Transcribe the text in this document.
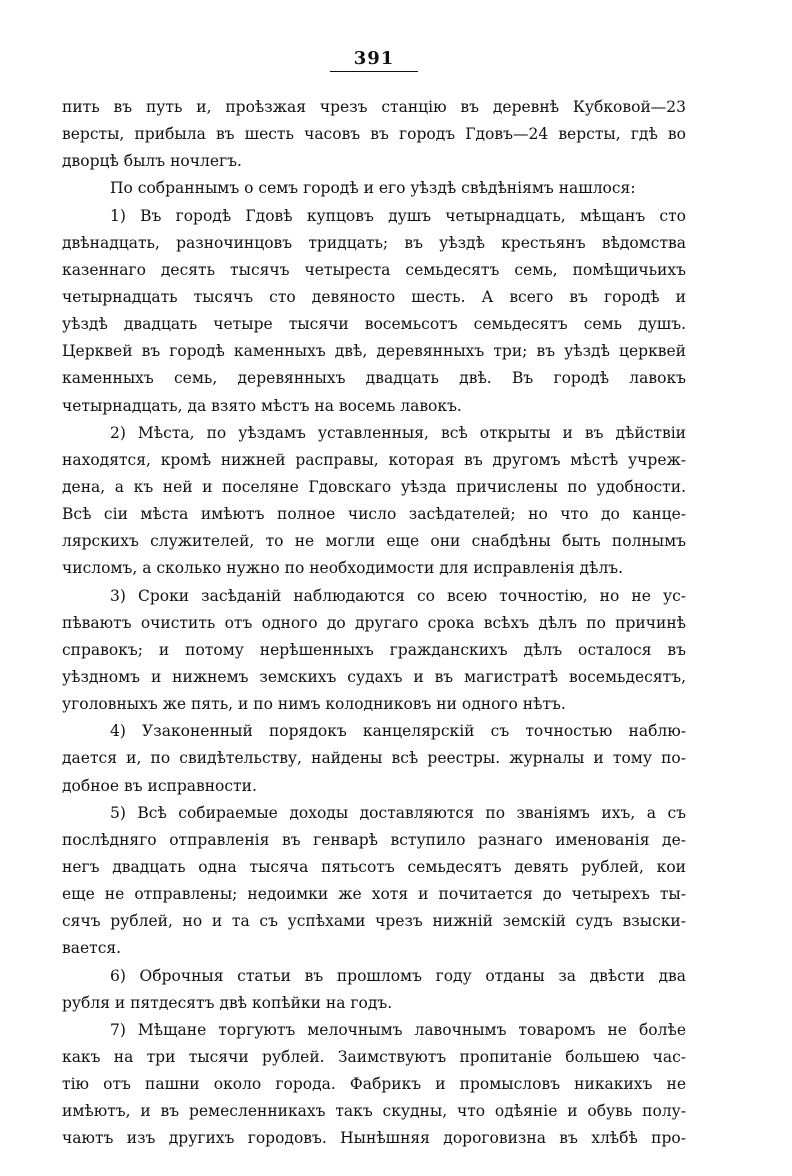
391
пить въ путь и, проѣзжая чрезъ станцію въ деревнѣ Кубковой—23
версты, прибыла въ шесть часовъ въ городъ Гдовъ—24 версты, гдѣ во
дворцѣ былъ ночлегъ.
По собраннымъ о семъ городѣ и его уѣздѣ свѣдѣніямъ нашлося:
1) Въ городѣ Гдовѣ купцовъ душъ четырнадцать, мѣщанъ сто
двѣнадцать, разночинцовъ тридцать; въ уѣздѣ крестьянъ вѣдомства
казеннаго десять тысячъ четыреста семьдесятъ семь, помѣщичьихъ
четырнадцать тысячъ сто девяносто шесть. А всего въ городѣ и
уѣздѣ двадцать четыре тысячи восемьсотъ семьдесятъ семь душъ.
Церквей въ городѣ каменныхъ двѣ, деревянныхъ три; въ уѣздѣ церквей
каменныхъ семь, деревянныхъ двадцать двѣ. Въ городѣ лавокъ
четырнадцать, да взято мѣстъ на восемь лавокъ.
2) Мѣста, по уѣздамъ уставленныя, всѣ открыты и въ дѣйствіи
находятся, кромѣ нижней расправы, которая въ другомъ мѣстѣ учреж-
дена, а къ ней и поселяне Гдовскаго уѣзда причислены по удобности.
Всѣ сіи мѣста имѣютъ полное число засѣдателей; но что до канце-
лярскихъ служителей, то не могли еще они снабдѣны быть полнымъ
числомъ, а сколько нужно по необходимости для исправленія дѣлъ.
3) Сроки засѣданій наблюдаются со всею точностію, но не ус-
пѣваютъ очистить отъ одного до другаго срока всѣхъ дѣлъ по причинѣ
справокъ; и потому нерѣшенныхъ гражданскихъ дѣлъ осталося въ
уѣздномъ и нижнемъ земскихъ судахъ и въ магистратѣ восемьдесятъ,
уголовныхъ же пять, и по нимъ колодниковъ ни одного нѣтъ.
4) Узаконенный порядокъ канцелярскій съ точностью наблю-
дается и, по свидѣтельству, найдены всѣ реестры. журналы и тому по-
добное въ исправности.
5) Всѣ собираемые доходы доставляются по званіямъ ихъ, а съ
послѣдняго отправленія въ генварѣ вступило разнаго именованія де-
негъ двадцать одна тысяча пятьсотъ семьдесятъ девять рублей, кои
еще не отправлены; недоимки же хотя и почитается до четырехъ ты-
сячъ рублей, но и та съ успѣхами чрезъ нижній земскій судъ взыски-
вается.
6) Оброчныя статьи въ прошломъ году отданы за двѣсти два
рубля и пятдесятъ двѣ копѣйки на годъ.
7) Мѣщане торгуютъ мелочнымъ лавочнымъ товаромъ не болѣе
какъ на три тысячи рублей. Заимствуютъ пропитаніе большею час-
тію отъ пашни около города. Фабрикъ и промысловъ никакихъ не
имѣютъ, и въ ремесленникахъ такъ скудны, что одѣяніе и обувь полу-
чаютъ изъ другихъ городовъ. Нынѣшняя дороговизна въ хлѣбѣ про-
